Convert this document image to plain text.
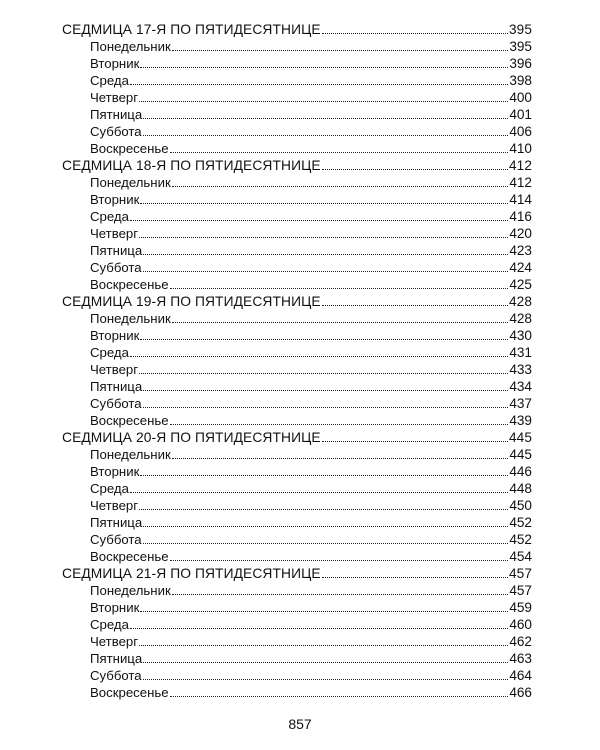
СЕДМИЦА 17-Я ПО ПЯТИДЕСЯТНИЦЕ	395
Понедельник	395
Вторник	396
Среда	398
Четверг	400
Пятница	401
Суббота	406
Воскресенье	410
СЕДМИЦА 18-Я ПО ПЯТИДЕСЯТНИЦЕ	412
Понедельник	412
Вторник	414
Среда	416
Четверг	420
Пятница	423
Суббота	424
Воскресенье	425
СЕДМИЦА 19-Я ПО ПЯТИДЕСЯТНИЦЕ	428
Понедельник	428
Вторник	430
Среда	431
Четверг	433
Пятница	434
Суббота	437
Воскресенье	439
СЕДМИЦА 20-Я ПО ПЯТИДЕСЯТНИЦЕ	445
Понедельник	445
Вторник	446
Среда	448
Четверг	450
Пятница	452
Суббота	452
Воскресенье	454
СЕДМИЦА 21-Я ПО ПЯТИДЕСЯТНИЦЕ	457
Понедельник	457
Вторник	459
Среда	460
Четверг	462
Пятница	463
Суббота	464
Воскресенье	466
857
